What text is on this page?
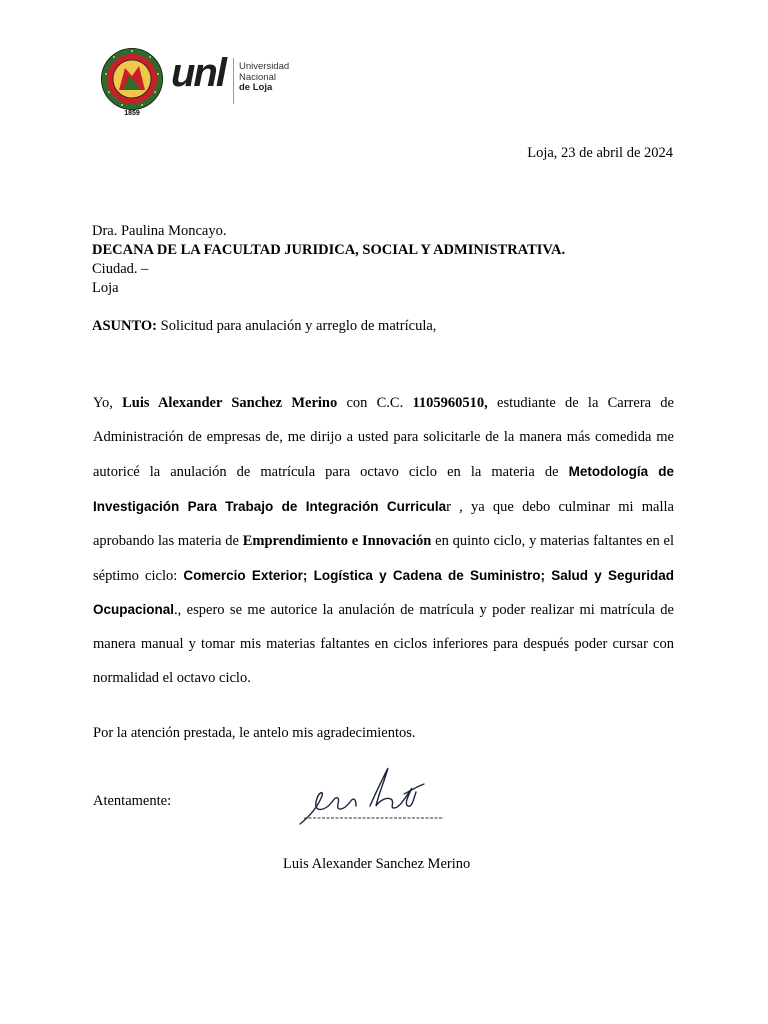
1859
unl Universidad
Nacional
de Loja
Loja, 23 de abril de 2024
Dra. Paulina Moncayo.
DECANA DE LA FACULTAD JURIDICA, SOCIAL Y ADMINISTRATIVA.
Ciudad. –
Loja
ASUNTO: Solicitud para anulación y arreglo de matrícula,
Yo, Luis Alexander Sanchez Merino con C.C. 1105960510, estudiante de la Carrera de Administración de empresas de, me dirijo a usted para solicitarle de la manera más comedida me autoricé la anulación de matrícula para octavo ciclo en la materia de Metodología de Investigación Para Trabajo de Integración Curricular , ya que debo culminar mi malla aprobando las materia de Emprendimiento e Innovación en quinto ciclo, y materias faltantes en el séptimo ciclo: Comercio Exterior; Logística y Cadena de Suministro; Salud y Seguridad Ocupacional., espero se me autorice la anulación de matrícula y poder realizar mi matrícula de manera manual y tomar mis materias faltantes en ciclos inferiores para después poder cursar con normalidad el octavo ciclo.
Por la atención prestada, le antelo mis agradecimientos.
Atentamente:
Luis Alexander Sanchez Merino
